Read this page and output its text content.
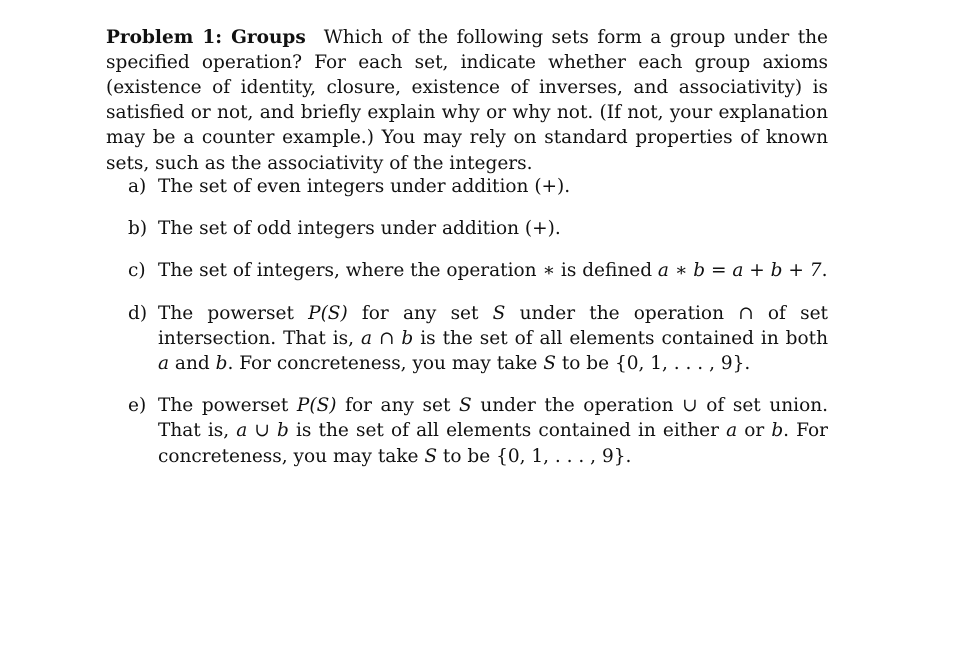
Problem 1: Groups Which of the following sets form a group under the specified operation? For each set, indicate whether each group axioms (existence of identity, closure, existence of inverses, and associativity) is satisfied or not, and briefly explain why or why not. (If not, your explanation may be a counter example.) You may rely on standard properties of known sets, such as the associativity of the integers.

a) The set of even integers under addition (+).
b) The set of odd integers under addition (+).
c) The set of integers, where the operation ∗ is defined a ∗ b = a + b + 7.
d) The powerset P(S) for any set S under the operation ∩ of set intersection. That is, a ∩ b is the set of all elements contained in both a and b. For concreteness, you may take S to be {0, 1, . . . , 9}.
e) The powerset P(S) for any set S under the operation ∪ of set union. That is, a ∪ b is the set of all elements contained in either a or b. For concreteness, you may take S to be {0, 1, . . . , 9}.
